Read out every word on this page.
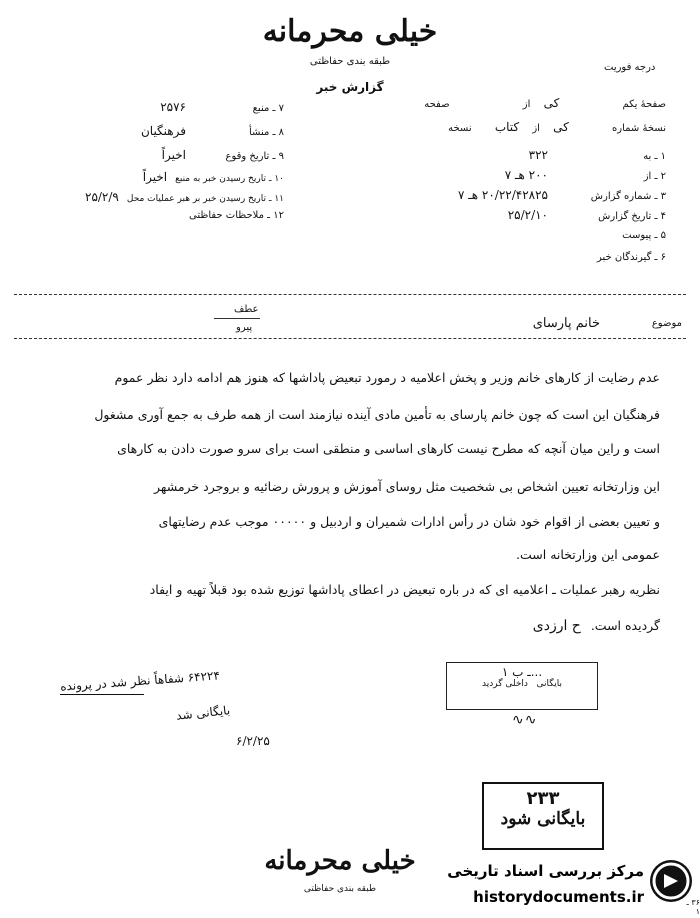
خیلی محرمانه
طبقه بندی حفاظتی
گزارش خبر
درجه فوریت
صفحهٔ یکم کی از صفحه
نسخهٔ شماره کی از کتاب نسخه
۱ ـ به۳۲۲
۲ ـ از۲۰۰ هـ ۷
۳ ـ شماره گزارش۲۰/۲۲/۴۲۸۲۵ هـ ۷
۴ ـ تاریخ گزارش۲۵/۲/۱۰
۵ ـ پیوست
۶ ـ گیرندگان خبر
۷ ـ منبع۲۵۷۶
۸ ـ منشأفرهنگیان
۹ ـ تاریخ وقوعاخیراً
۱۰ ـ تاریخ رسیدن خبر به منبعاخیراً
۱۱ ـ تاریخ رسیدن خبر بر هبر عملیات محل۲۵/۲/۹
۱۲ ـ ملاحظات حفاظتی
عطف
پیرو	موضوع
خانم پارسای
عدم رضایت از کارهای خانم وزیر و پخش اعلامیه د رمورد تبعیض پاداشها که هنوز هم ادامه دارد نظر عموم
فرهنگیان این است که چون خانم پارسای به تأمین مادی آینده نیازمند است از همه طرف به جمع آوری مشغول
است و راین میان آنچه که مطرح نیست کارهای اساسی و منطقی است برای سرو صورت دادن به کارهای
این وزارتخانه تعیین اشخاص بی شخصیت مثل روسای آموزش و پرورش رضائیه و بروجرد خرمشهر
و تعیین بعضی از اقوام خود شان در رأس ادارات شمیران و اردبیل و ۰۰۰۰۰ موجب عدم رضایتهای
عمومی این وزارتخانه است.
نظریه رهبر عملیات ـ اعلامیه ای که در باره تبعیض در اعطای پاداشها توزیع شده بود قبلاً تهیه و ایفاد
گردیده است. ح ارزدی
۶۴۲۲۴ شفاهاً نظر شد در پرونده
بایگانی شد
۶/۲/۲۵
...ـ ب ۱
بایگانی   داخلی گردید
∿∿
۲۳۳
بایگانی شود
خیلی محرمانه
طبقه بندی حفاظتی
مرکز بررسی اسناد تاریخی
historydocuments.ir	۳۶ ـ ۱
